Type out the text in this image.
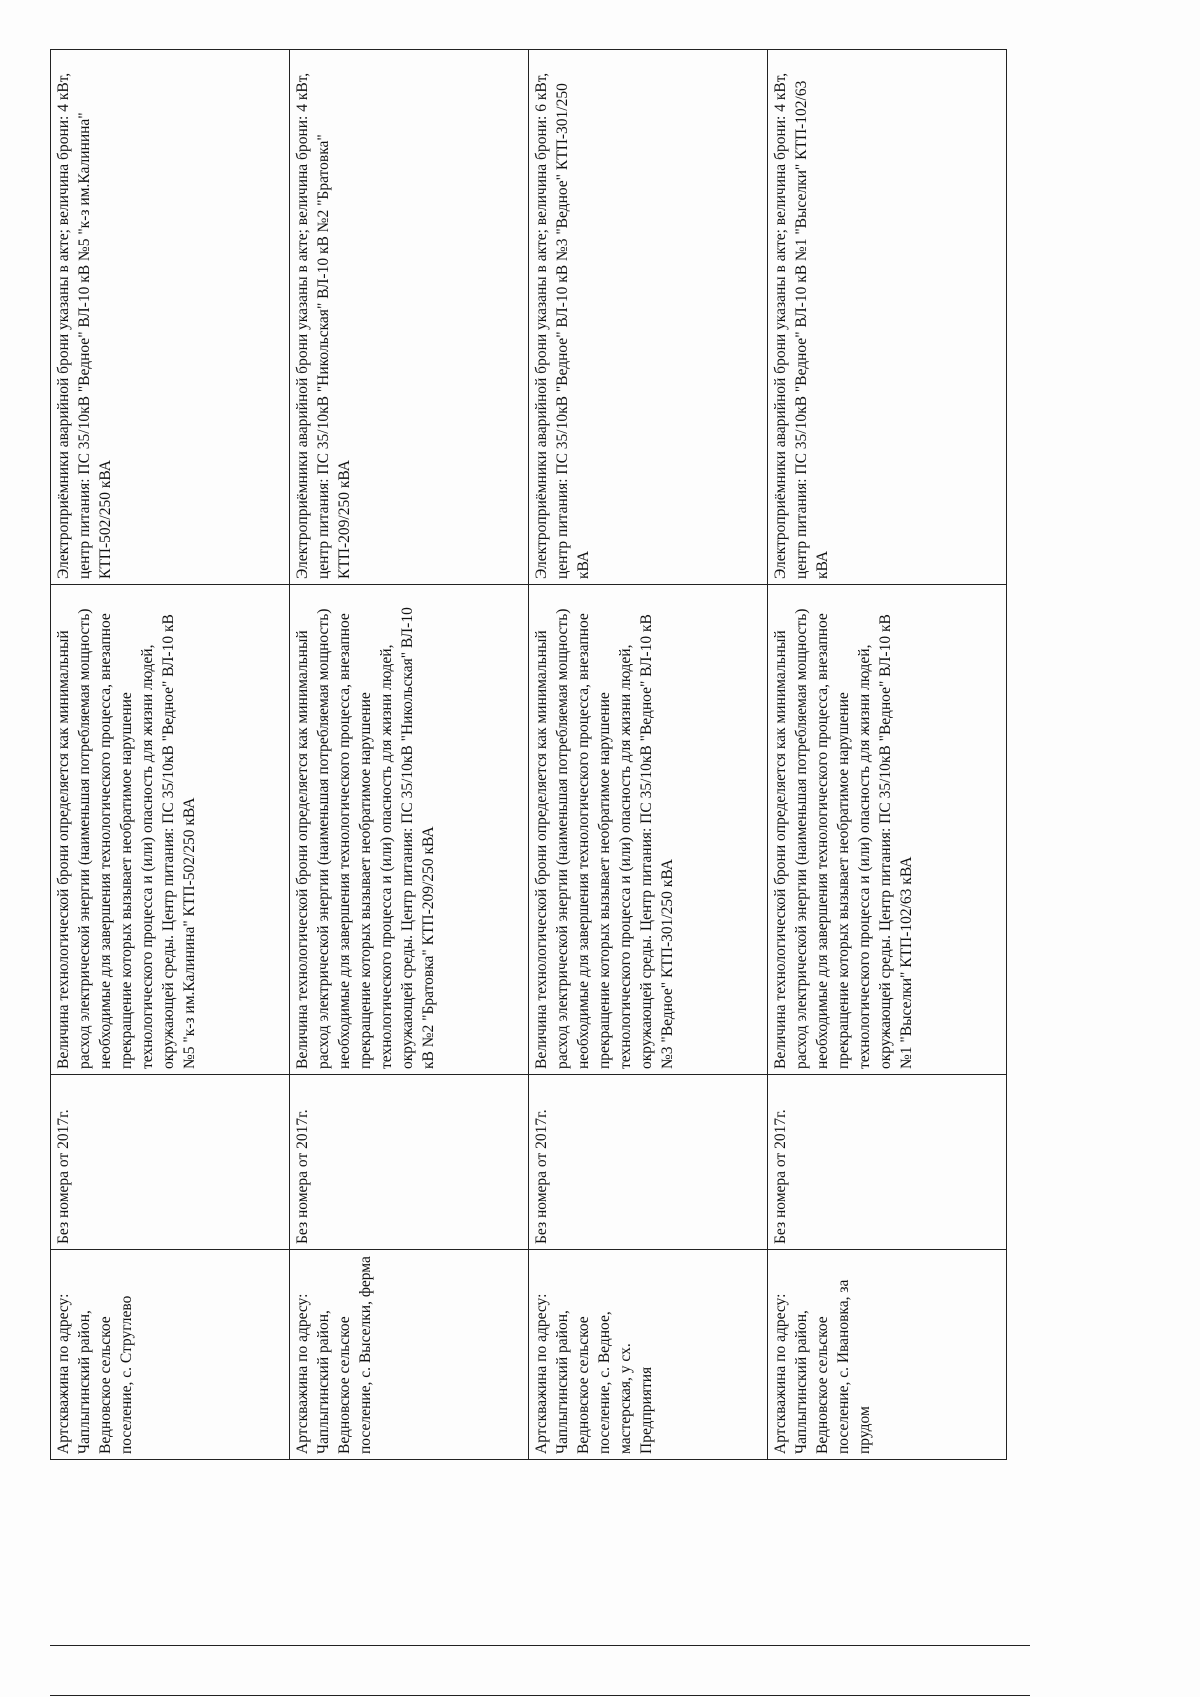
Артскважина по адресу: Чаплыгинский район, Ведновское сельское поселение, с. Струглево	Без номера от 2017г.	Величина технологической брони определяется как минимальный расход электрической энергии (наименьшая потребляемая мощность) необходимые для завершения технологического процесса, внезапное прекращение которых вызывает необратимое нарушение технологического процесса и (или) опасность для жизни людей, окружающей среды. Центр питания: ПС 35/10кВ "Ведное" ВЛ-10 кВ №5 "к-з им.Калинина" КТП-502/250 кВА	Электроприёмники аварийной брони указаны в акте; величина брони: 4 кВт, центр питания: ПС 35/10кВ "Ведное" ВЛ-10 кВ №5 "к-з им.Калинина" КТП-502/250 кВА

Артскважина по адресу: Чаплыгинский район, Ведновское сельское поселение, с. Выселки, ферма	Без номера от 2017г.	Величина технологической брони определяется как минимальный расход электрической энергии (наименьшая потребляемая мощность) необходимые для завершения технологического процесса, внезапное прекращение которых вызывает необратимое нарушение технологического процесса и (или) опасность для жизни людей, окружающей среды. Центр питания: ПС 35/10кВ "Никольская" ВЛ-10 кВ №2 "Братовка" КТП-209/250 кВА	Электроприёмники аварийной брони указаны в акте; величина брони: 4 кВт, центр питания: ПС 35/10кВ "Никольская" ВЛ-10 кВ №2 "Братовка" КТП-209/250 кВА

Артскважина по адресу: Чаплыгинский район, Ведновское сельское поселение, с. Ведное, мастерская, у сх. Предприятия	Без номера от 2017г.	Величина технологической брони определяется как минимальный расход электрической энергии (наименьшая потребляемая мощность) необходимые для завершения технологического процесса, внезапное прекращение которых вызывает необратимое нарушение технологического процесса и (или) опасность для жизни людей, окружающей среды. Центр питания: ПС 35/10кВ "Ведное" ВЛ-10 кВ №3 "Ведное" КТП-301/250 кВА	Электроприёмники аварийной брони указаны в акте; величина брони: 6 кВт, центр питания: ПС 35/10кВ "Ведное" ВЛ-10 кВ №3 "Ведное" КТП-301/250 кВА

Артскважина по адресу: Чаплыгинский район, Ведновское сельское поселение, с. Ивановка, за прудом	Без номера от 2017г.	Величина технологической брони определяется как минимальный расход электрической энергии (наименьшая потребляемая мощность) необходимые для завершения технологического процесса, внезапное прекращение которых вызывает необратимое нарушение технологического процесса и (или) опасность для жизни людей, окружающей среды. Центр питания: ПС 35/10кВ "Ведное" ВЛ-10 кВ №1 "Выселки" КТП-102/63 кВА	Электроприёмники аварийной брони указаны в акте; величина брони: 4 кВт, центр питания: ПС 35/10кВ "Ведное" ВЛ-10 кВ №1 "Выселки" КТП-102/63 кВА
